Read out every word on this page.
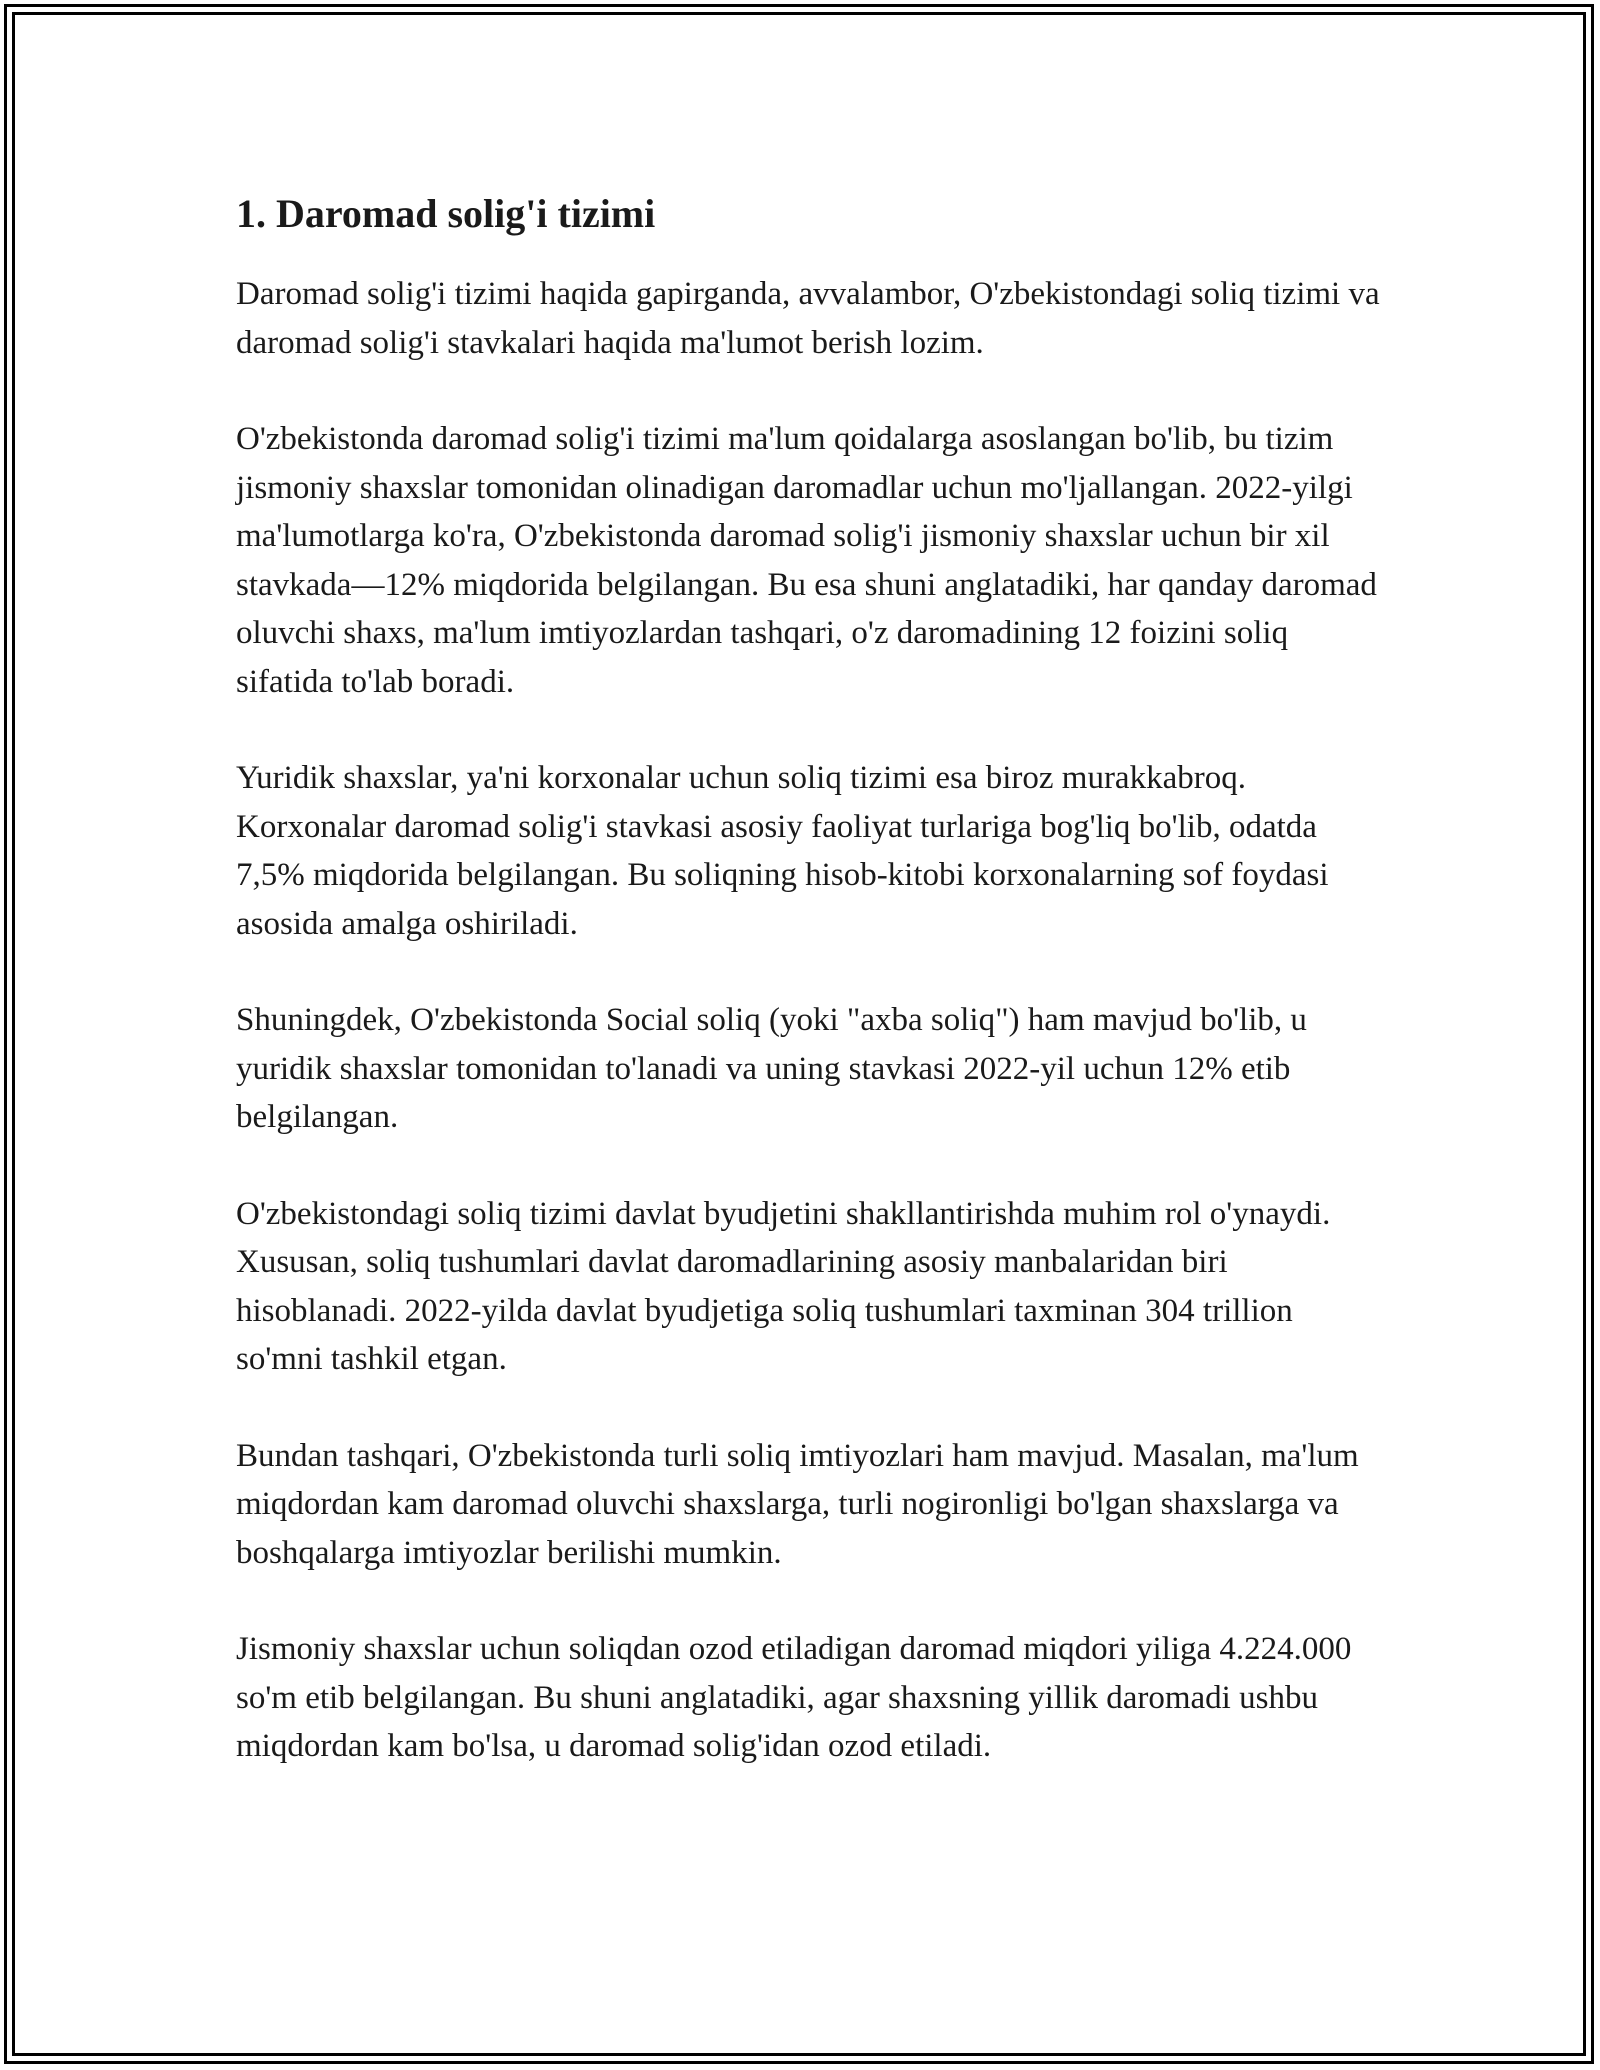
1. Daromad solig'i tizimi

Daromad solig'i tizimi haqida gapirganda, avvalambor, O'zbekistondagi soliq tizimi va daromad solig'i stavkalari haqida ma'lumot berish lozim.

O'zbekistonda daromad solig'i tizimi ma'lum qoidalarga asoslangan bo'lib, bu tizim jismoniy shaxslar tomonidan olinadigan daromadlar uchun mo'ljallangan. 2022-yilgi ma'lumotlarga ko'ra, O'zbekistonda daromad solig'i jismoniy shaxslar uchun bir xil stavkada—12% miqdorida belgilangan. Bu esa shuni anglatadiki, har qanday daromad oluvchi shaxs, ma'lum imtiyozlardan tashqari, o'z daromadining 12 foizini soliq sifatida to'lab boradi.

Yuridik shaxslar, ya'ni korxonalar uchun soliq tizimi esa biroz murakkabroq. Korxonalar daromad solig'i stavkasi asosiy faoliyat turlariga bog'liq bo'lib, odatda 7,5% miqdorida belgilangan. Bu soliqning hisob-kitobi korxonalarning sof foydasi asosida amalga oshiriladi.

Shuningdek, O'zbekistonda Social soliq (yoki "axba soliq") ham mavjud bo'lib, u yuridik shaxslar tomonidan to'lanadi va uning stavkasi 2022-yil uchun 12% etib belgilangan.

O'zbekistondagi soliq tizimi davlat byudjetini shakllantirishda muhim rol o'ynaydi. Xususan, soliq tushumlari davlat daromadlarining asosiy manbalaridan biri hisoblanadi. 2022-yilda davlat byudjetiga soliq tushumlari taxminan 304 trillion so'mni tashkil etgan.

Bundan tashqari, O'zbekistonda turli soliq imtiyozlari ham mavjud. Masalan, ma'lum miqdordan kam daromad oluvchi shaxslarga, turli nogironligi bo'lgan shaxslarga va boshqalarga imtiyozlar berilishi mumkin.

Jismoniy shaxslar uchun soliqdan ozod etiladigan daromad miqdori yiliga 4.224.000 so'm etib belgilangan. Bu shuni anglatadiki, agar shaxsning yillik daromadi ushbu miqdordan kam bo'lsa, u daromad solig'idan ozod etiladi.
